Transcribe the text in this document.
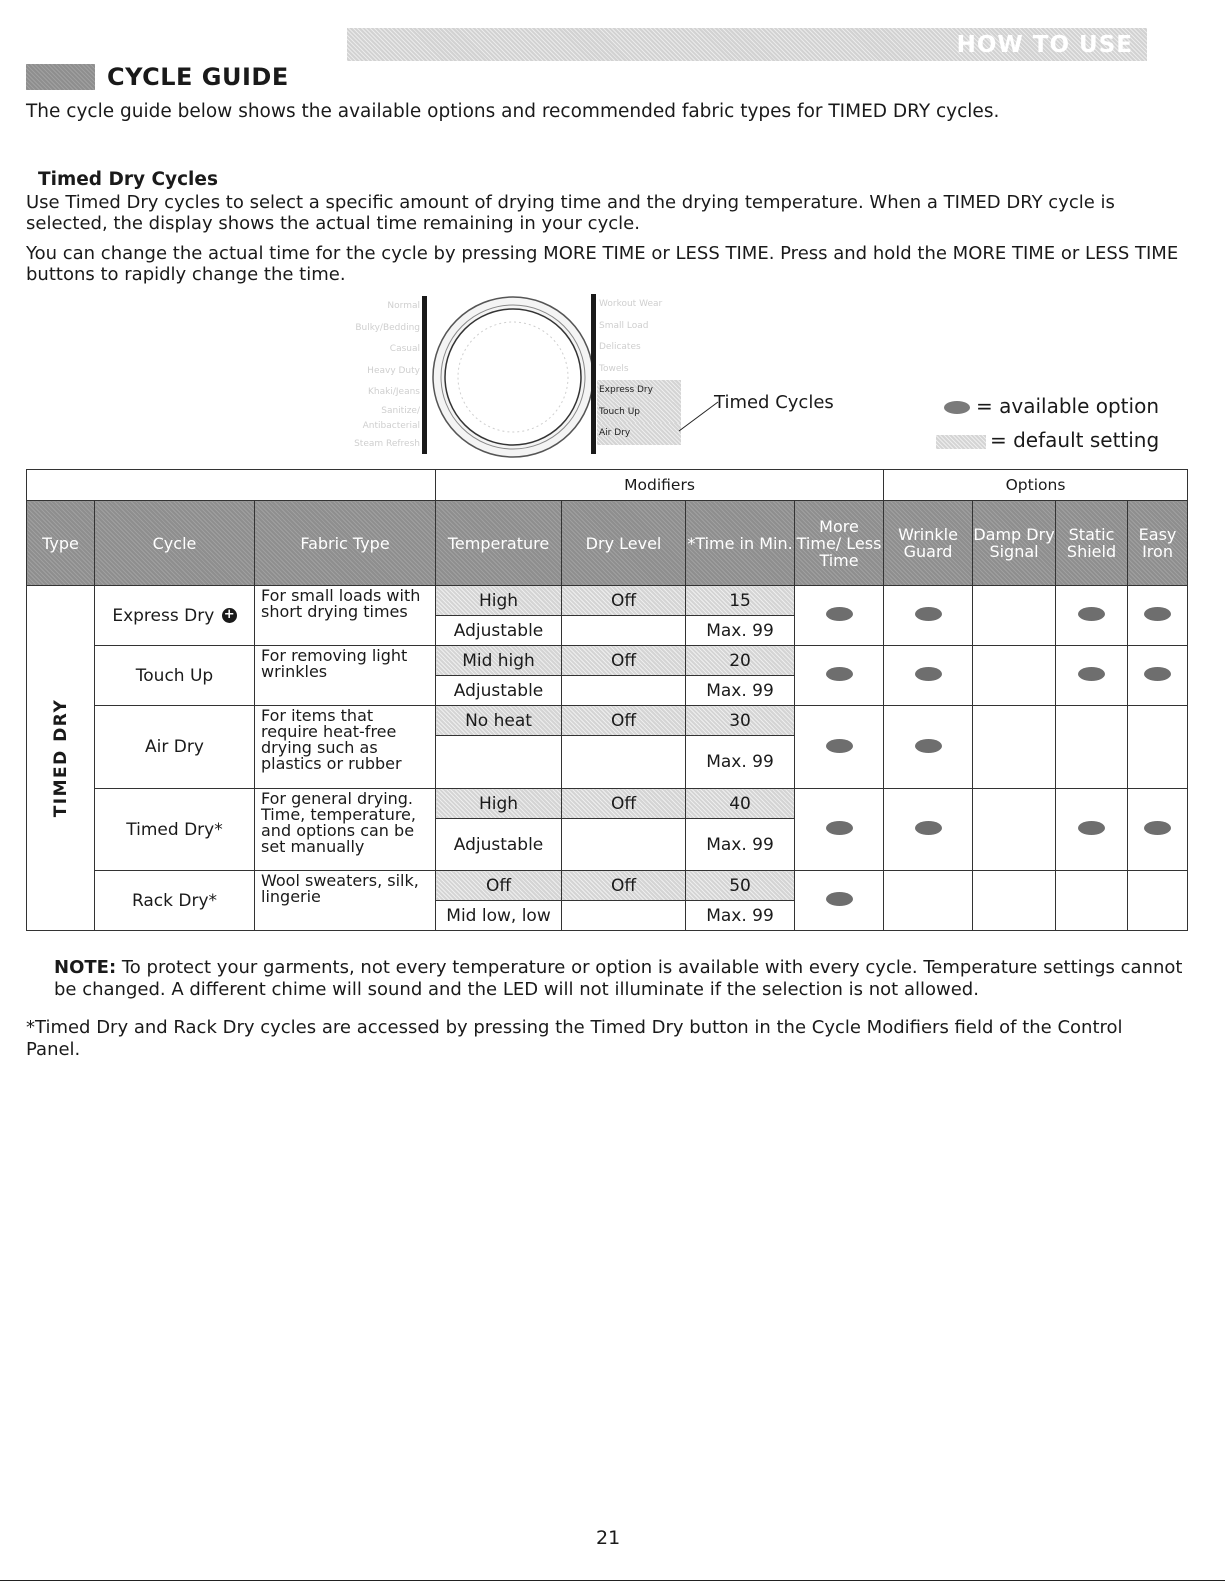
HOW TO USE
CYCLE GUIDE
The cycle guide below shows the available options and recommended fabric types for TIMED DRY cycles.
Timed Dry Cycles
Use Timed Dry cycles to select a specific amount of drying time and the drying temperature. When a TIMED DRY cycle is selected, the display shows the actual time remaining in your cycle.
You can change the actual time for the cycle by pressing MORE TIME or LESS TIME. Press and hold the MORE TIME or LESS TIME buttons to rapidly change the time.
Normal
Bulky/Bedding
Casual
Heavy Duty
Khaki/Jeans
Sanitize/
Antibacterial
Steam Refresh
Workout Wear
Small Load
Delicates
Towels
Express Dry
Touch Up
Air Dry
Timed Cycles	= available option
= default setting
			Modifiers				Options			
Type	Cycle	Fabric Type	Temperature	Dry Level	*Time in Min.	More Time/ Less Time	Wrinkle Guard	Damp Dry Signal	Static Shield	Easy Iron

TIMED DRY	Express Dry +	For small loads with short drying times	High	Off	15					
			Adjustable		Max. 99					
	Touch Up	For removing light wrinkles	Mid high	Off	20					
			Adjustable		Max. 99					
	Air Dry	For items that require heat-free drying such as plastics or rubber	No heat	Off	30					
					Max. 99					
	Timed Dry*	For general drying. Time, temperature, and options can be set manually	High	Off	40					
			Adjustable		Max. 99					
	Rack Dry*	Wool sweaters, silk, lingerie	Off	Off	50					
			Mid low, low		Max. 99					
NOTE: To protect your garments, not every temperature or option is available with every cycle. Temperature settings cannot be changed. A different chime will sound and the LED will not illuminate if the selection is not allowed.
*Timed Dry and Rack Dry cycles are accessed by pressing the Timed Dry button in the Cycle Modifiers field of the Control Panel.
21
